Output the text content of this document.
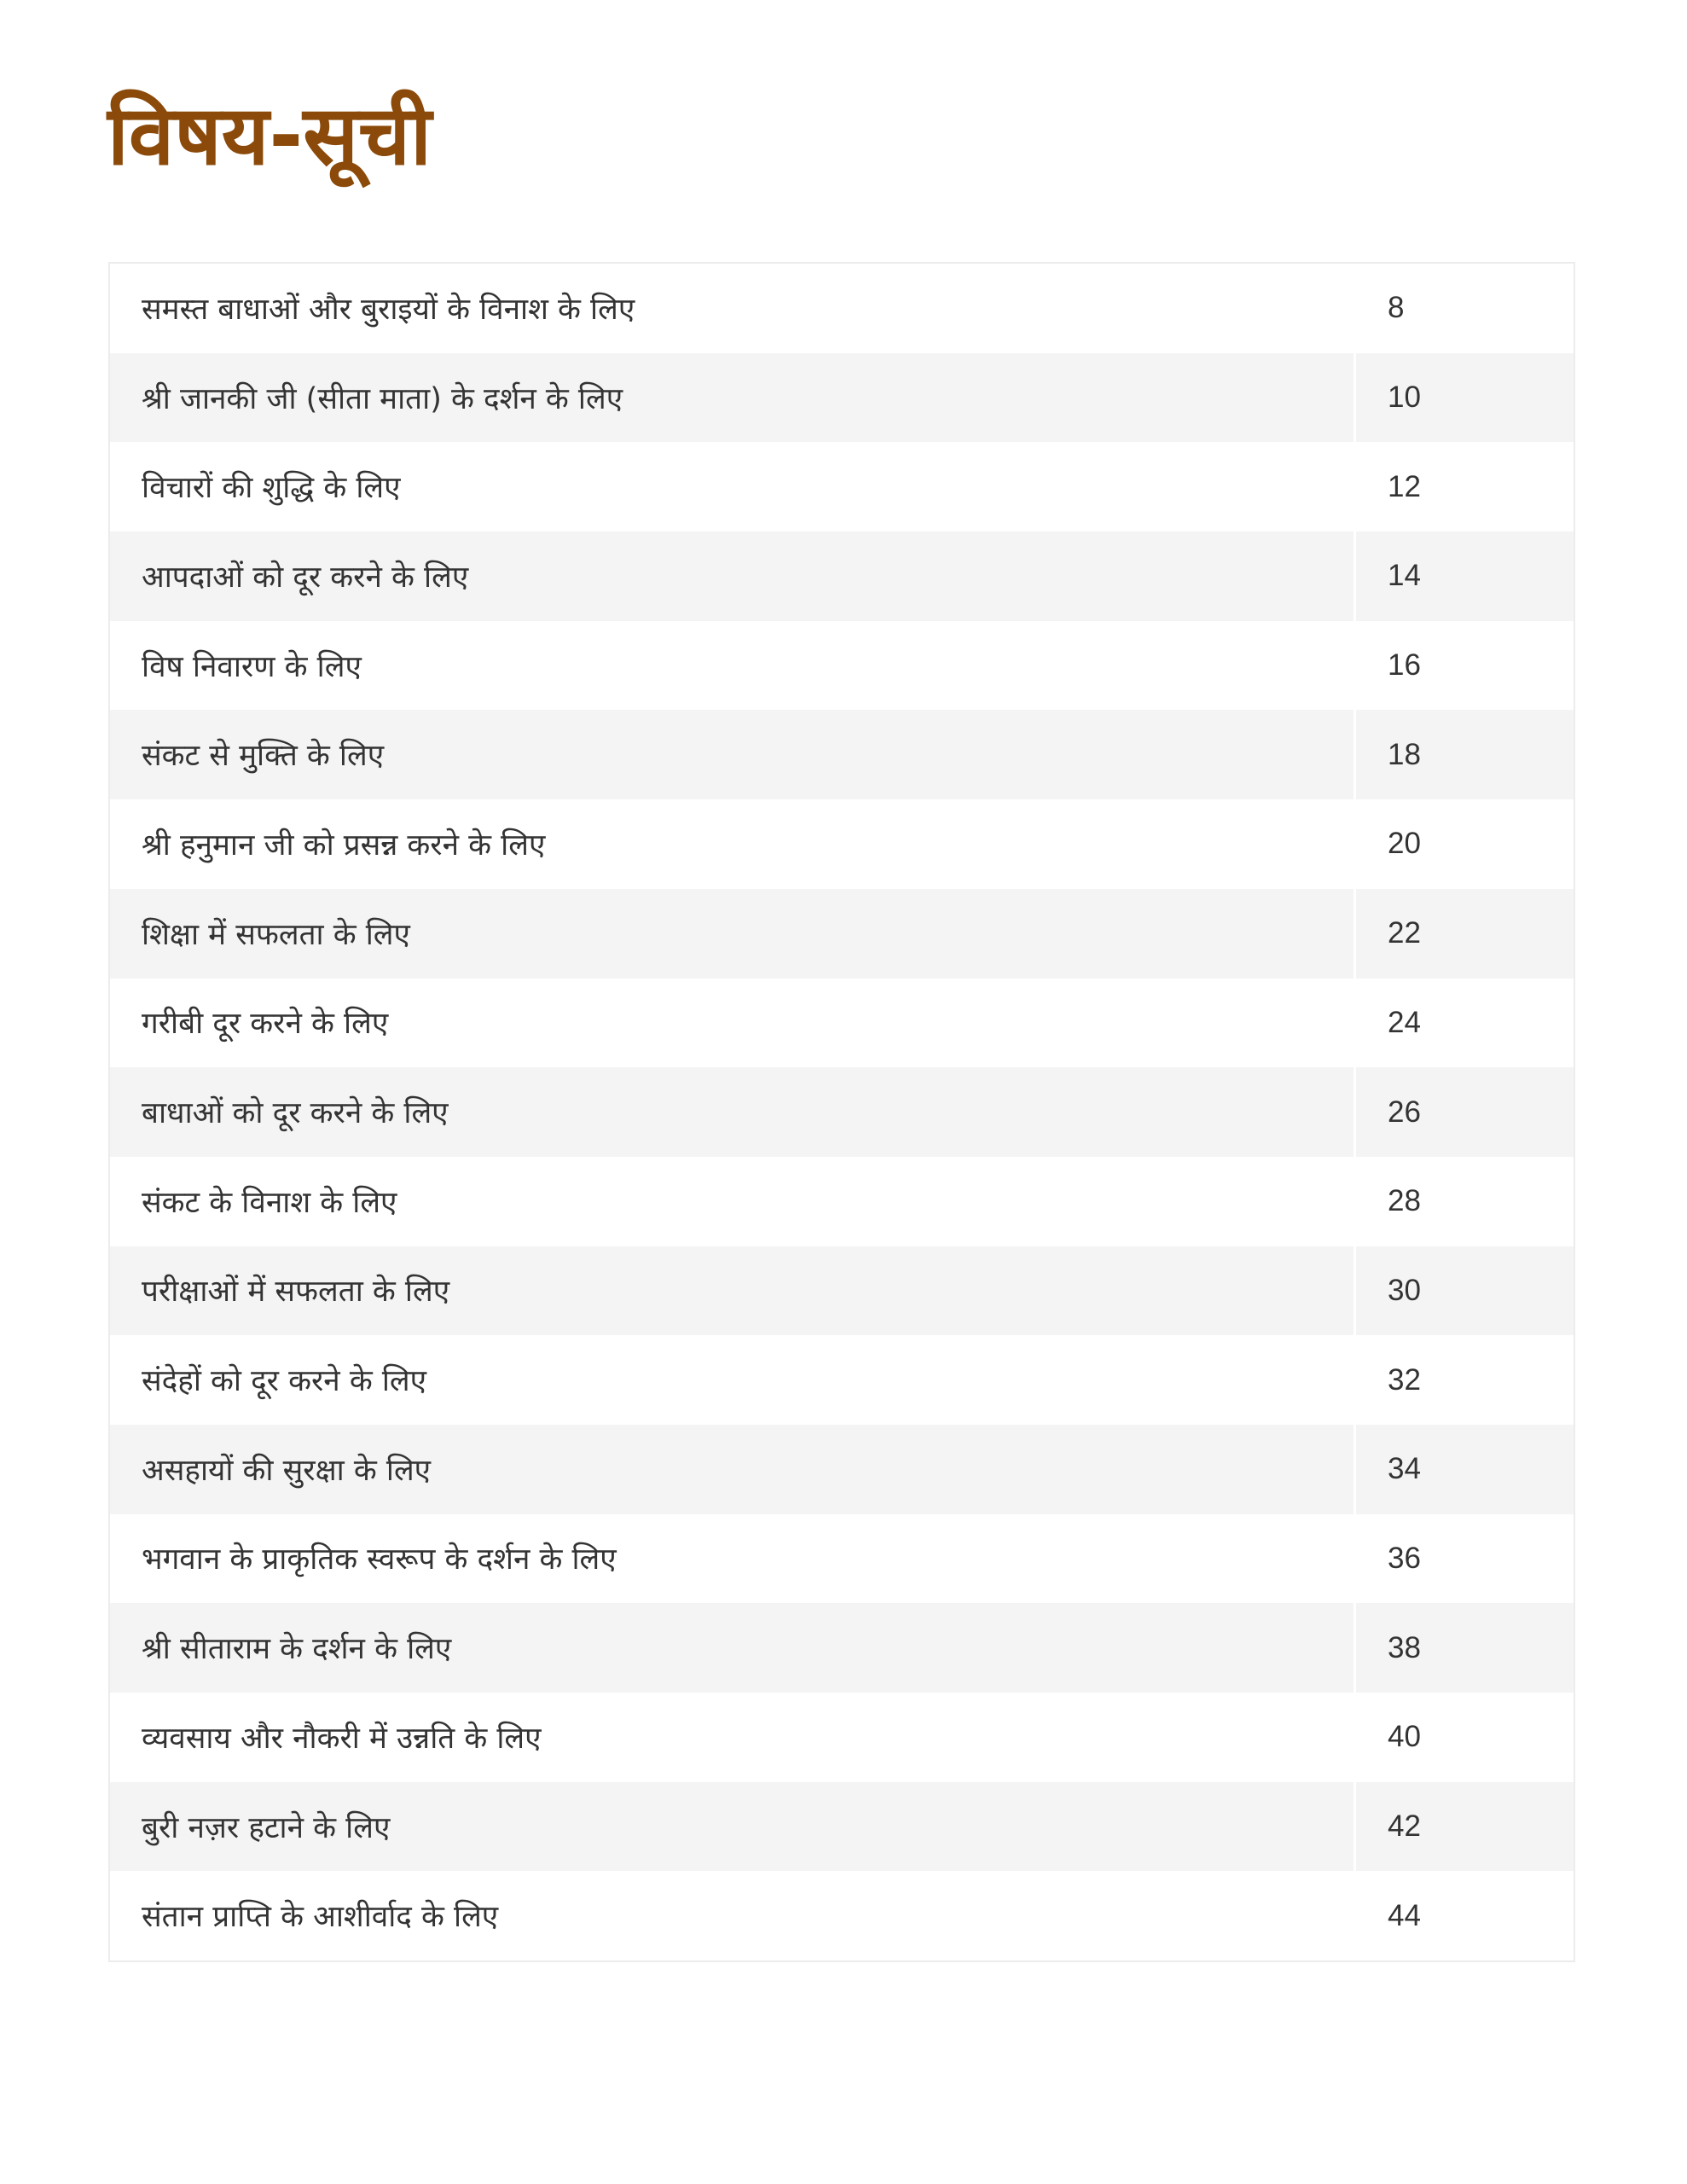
विषय-सूची
समस्त बाधाओं और बुराइयों के विनाश के लिए	8
श्री जानकी जी (सीता माता) के दर्शन के लिए	10
विचारों की शुद्धि के लिए	12
आपदाओं को दूर करने के लिए	14
विष निवारण के लिए	16
संकट से मुक्ति के लिए	18
श्री हनुमान जी को प्रसन्न करने के लिए	20
शिक्षा में सफलता के लिए	22
गरीबी दूर करने के लिए	24
बाधाओं को दूर करने के लिए	26
संकट के विनाश के लिए	28
परीक्षाओं में सफलता के लिए	30
संदेहों को दूर करने के लिए	32
असहायों की सुरक्षा के लिए	34
भगवान के प्राकृतिक स्वरूप के दर्शन के लिए	36
श्री सीताराम के दर्शन के लिए	38
व्यवसाय और नौकरी में उन्नति के लिए	40
बुरी नज़र हटाने के लिए	42
संतान प्राप्ति के आशीर्वाद के लिए	44
